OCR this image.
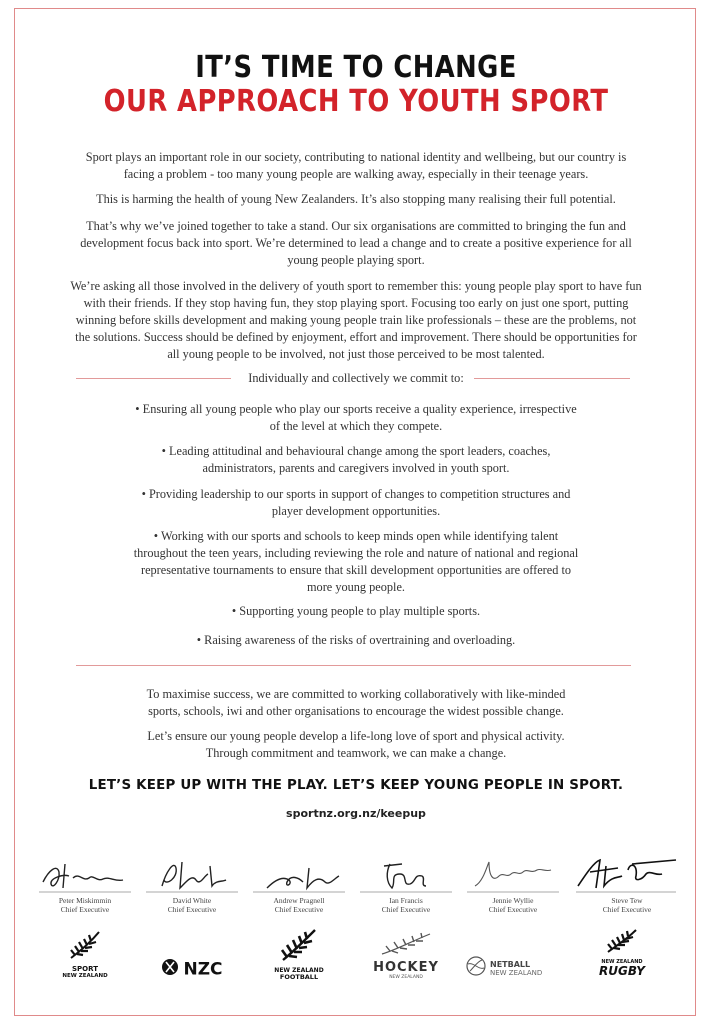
IT’S TIME TO CHANGE
OUR APPROACH TO YOUTH SPORT
Sport plays an important role in our society, contributing to national identity and wellbeing, but our country is facing a problem - too many young people are walking away, especially in their teenage years.
This is harming the health of young New Zealanders. It’s also stopping many realising their full potential.
That’s why we’ve joined together to take a stand. Our six organisations are committed to bringing the fun and development focus back into sport. We’re determined to lead a change and to create a positive experience for all young people playing sport.
We’re asking all those involved in the delivery of youth sport to remember this: young people play sport to have fun with their friends. If they stop having fun, they stop playing sport. Focusing too early on just one sport, putting winning before skills development and making young people train like professionals – these are the problems, not the solutions. Success should be defined by enjoyment, effort and improvement. There should be opportunities for all young people to be involved, not just those perceived to be most talented.
Individually and collectively we commit to:
• Ensuring all young people who play our sports receive a quality experience, irrespective of the level at which they compete.
• Leading attitudinal and behavioural change among the sport leaders, coaches, administrators, parents and caregivers involved in youth sport.
• Providing leadership to our sports in support of changes to competition structures and player development opportunities.
• Working with our sports and schools to keep minds open while identifying talent throughout the teen years, including reviewing the role and nature of national and regional representative tournaments to ensure that skill development opportunities are offered to more young people.
• Supporting young people to play multiple sports.
• Raising awareness of the risks of overtraining and overloading.
To maximise success, we are committed to working collaboratively with like-minded sports, schools, iwi and other organisations to encourage the widest possible change.
Let’s ensure our young people develop a life-long love of sport and physical activity. Through commitment and teamwork, we can make a change.
LET’S KEEP UP WITH THE PLAY. LET’S KEEP YOUNG PEOPLE IN SPORT.
sportnz.org.nz/keepup
Peter Miskimmin
Chief Executive
David White
Chief Executive
Andrew Pragnell
Chief Executive
Ian Francis
Chief Executive
Jennie Wyllie
Chief Executive
Steve Tew
Chief Executive
SPORT
NEW ZEALAND	NZC	NEW ZEALAND
FOOTBALL
HOCKEY
NEW ZEALAND

NETBALL
NEW ZEALAND
NEW ZEALAND
RUGBY
